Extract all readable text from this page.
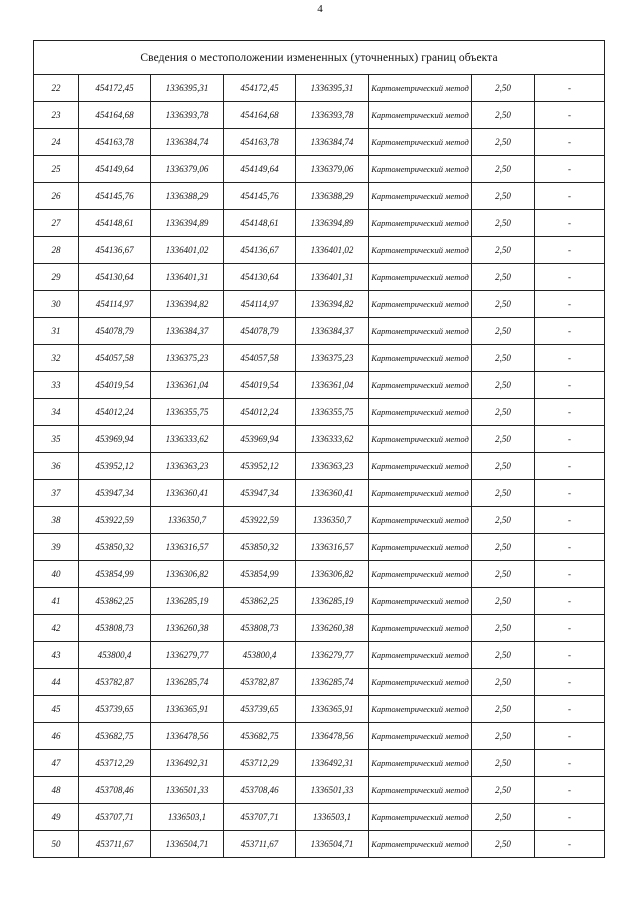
4
Сведения о местоположении измененных (уточненных) границ объекта							
22	454172,45	1336395,31	454172,45	1336395,31	Картометрический метод	2,50	-
23	454164,68	1336393,78	454164,68	1336393,78	Картометрический метод	2,50	-
24	454163,78	1336384,74	454163,78	1336384,74	Картометрический метод	2,50	-
25	454149,64	1336379,06	454149,64	1336379,06	Картометрический метод	2,50	-
26	454145,76	1336388,29	454145,76	1336388,29	Картометрический метод	2,50	-
27	454148,61	1336394,89	454148,61	1336394,89	Картометрический метод	2,50	-
28	454136,67	1336401,02	454136,67	1336401,02	Картометрический метод	2,50	-
29	454130,64	1336401,31	454130,64	1336401,31	Картометрический метод	2,50	-
30	454114,97	1336394,82	454114,97	1336394,82	Картометрический метод	2,50	-
31	454078,79	1336384,37	454078,79	1336384,37	Картометрический метод	2,50	-
32	454057,58	1336375,23	454057,58	1336375,23	Картометрический метод	2,50	-
33	454019,54	1336361,04	454019,54	1336361,04	Картометрический метод	2,50	-
34	454012,24	1336355,75	454012,24	1336355,75	Картометрический метод	2,50	-
35	453969,94	1336333,62	453969,94	1336333,62	Картометрический метод	2,50	-
36	453952,12	1336363,23	453952,12	1336363,23	Картометрический метод	2,50	-
37	453947,34	1336360,41	453947,34	1336360,41	Картометрический метод	2,50	-
38	453922,59	1336350,7	453922,59	1336350,7	Картометрический метод	2,50	-
39	453850,32	1336316,57	453850,32	1336316,57	Картометрический метод	2,50	-
40	453854,99	1336306,82	453854,99	1336306,82	Картометрический метод	2,50	-
41	453862,25	1336285,19	453862,25	1336285,19	Картометрический метод	2,50	-
42	453808,73	1336260,38	453808,73	1336260,38	Картометрический метод	2,50	-
43	453800,4	1336279,77	453800,4	1336279,77	Картометрический метод	2,50	-
44	453782,87	1336285,74	453782,87	1336285,74	Картометрический метод	2,50	-
45	453739,65	1336365,91	453739,65	1336365,91	Картометрический метод	2,50	-
46	453682,75	1336478,56	453682,75	1336478,56	Картометрический метод	2,50	-
47	453712,29	1336492,31	453712,29	1336492,31	Картометрический метод	2,50	-
48	453708,46	1336501,33	453708,46	1336501,33	Картометрический метод	2,50	-
49	453707,71	1336503,1	453707,71	1336503,1	Картометрический метод	2,50	-
50	453711,67	1336504,71	453711,67	1336504,71	Картометрический метод	2,50	-
